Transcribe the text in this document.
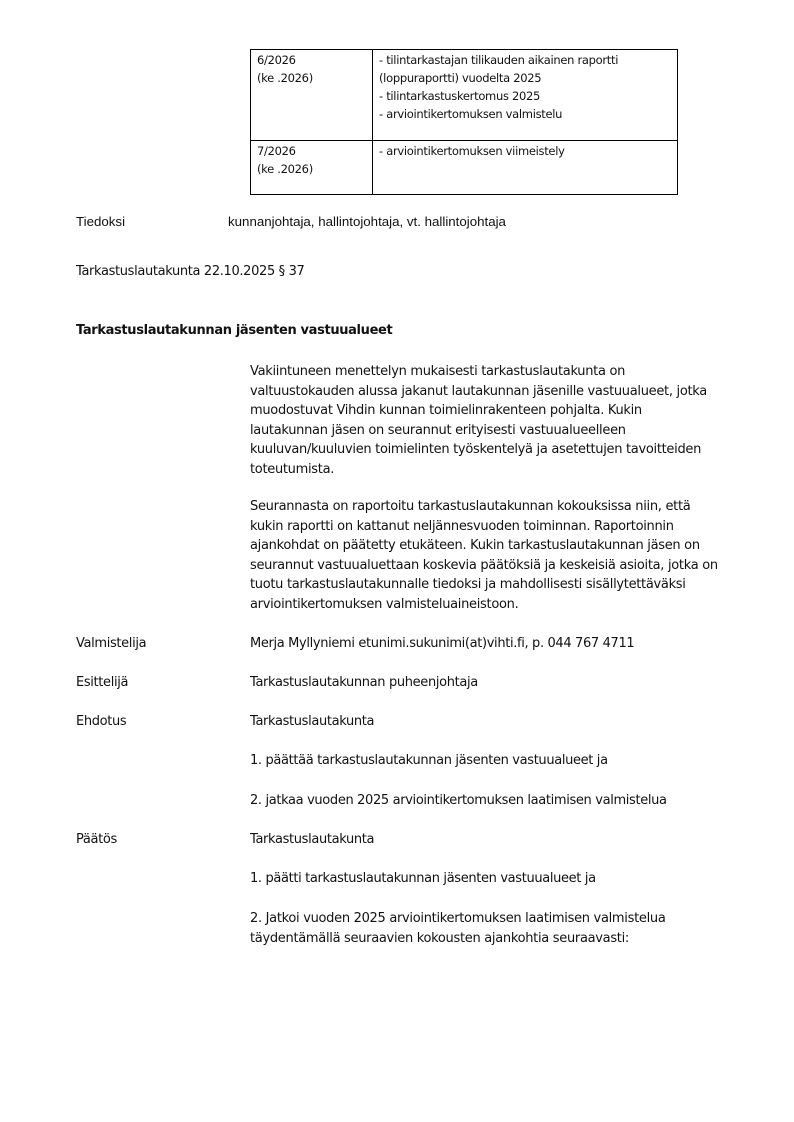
6/2026
(ke .2026)	- tilintarkastajan tilikauden aikainen raportti
(loppuraportti) vuodelta 2025
- tilintarkastuskertomus 2025
- arviointikertomuksen valmistelu

7/2026
(ke .2026)	- arviointikertomuksen viimeistely
Tiedoksi	kunnanjohtaja, hallintojohtaja, vt. hallintojohtaja
Tarkastuslautakunta 22.10.2025 § 37
Tarkastuslautakunnan jäsenten vastuualueet
Vakiintuneen menettelyn mukaisesti tarkastuslautakunta on
valtuustokauden alussa jakanut lautakunnan jäsenille vastuualueet, jotka
muodostuvat Vihdin kunnan toimielinrakenteen pohjalta. Kukin
lautakunnan jäsen on seurannut erityisesti vastuualueelleen
kuuluvan/kuuluvien toimielinten työskentelyä ja asetettujen tavoitteiden
toteutumista.
Seurannasta on raportoitu tarkastuslautakunnan kokouksissa niin, että
kukin raportti on kattanut neljännesvuoden toiminnan. Raportoinnin
ajankohdat on päätetty etukäteen. Kukin tarkastuslautakunnan jäsen on
seurannut vastuualuettaan koskevia päätöksiä ja keskeisiä asioita, jotka on
tuotu tarkastuslautakunnalle tiedoksi ja mahdollisesti sisällytettäväksi
arviointikertomuksen valmisteluaineistoon.
Valmistelija	Merja Myllyniemi etunimi.sukunimi(at)vihti.fi, p. 044 767 4711
Esittelijä	Tarkastuslautakunnan puheenjohtaja
Ehdotus	Tarkastuslautakunta
1. päättää tarkastuslautakunnan jäsenten vastuualueet ja
2. jatkaa vuoden 2025 arviointikertomuksen laatimisen valmistelua
Päätös	Tarkastuslautakunta
1. päätti tarkastuslautakunnan jäsenten vastuualueet ja
2. Jatkoi vuoden 2025 arviointikertomuksen laatimisen valmistelua
täydentämällä seuraavien kokousten ajankohtia seuraavasti:
